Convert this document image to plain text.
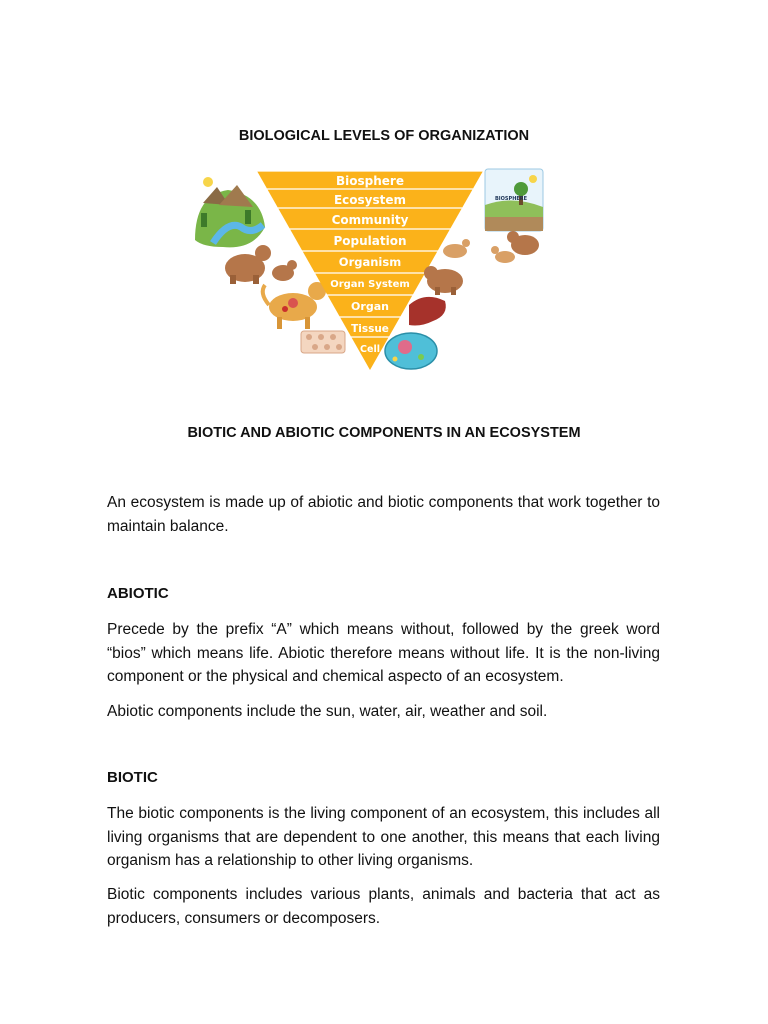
BIOLOGICAL LEVELS OF ORGANIZATION
Biosphere
Ecosystem
Community
Population
Organism
Organ System
Organ
Tissue
Cell
BIOSPHERE
BIOTIC AND ABIOTIC COMPONENTS IN AN ECOSYSTEM
An ecosystem is made up of abiotic and biotic components that work together to maintain balance.
ABIOTIC
Precede by the prefix “A” which means without, followed by the greek word “bios” which means life. Abiotic therefore means without life. It is the non-living component or the physical and chemical aspecto of an ecosystem.
Abiotic components include the sun, water, air, weather and soil.
BIOTIC
The biotic components is the living component of an ecosystem, this includes all living organisms that are dependent to one another, this means that each living organism has a relationship to other living organisms.
Biotic components includes various plants, animals and bacteria that act as producers, consumers or decomposers.
